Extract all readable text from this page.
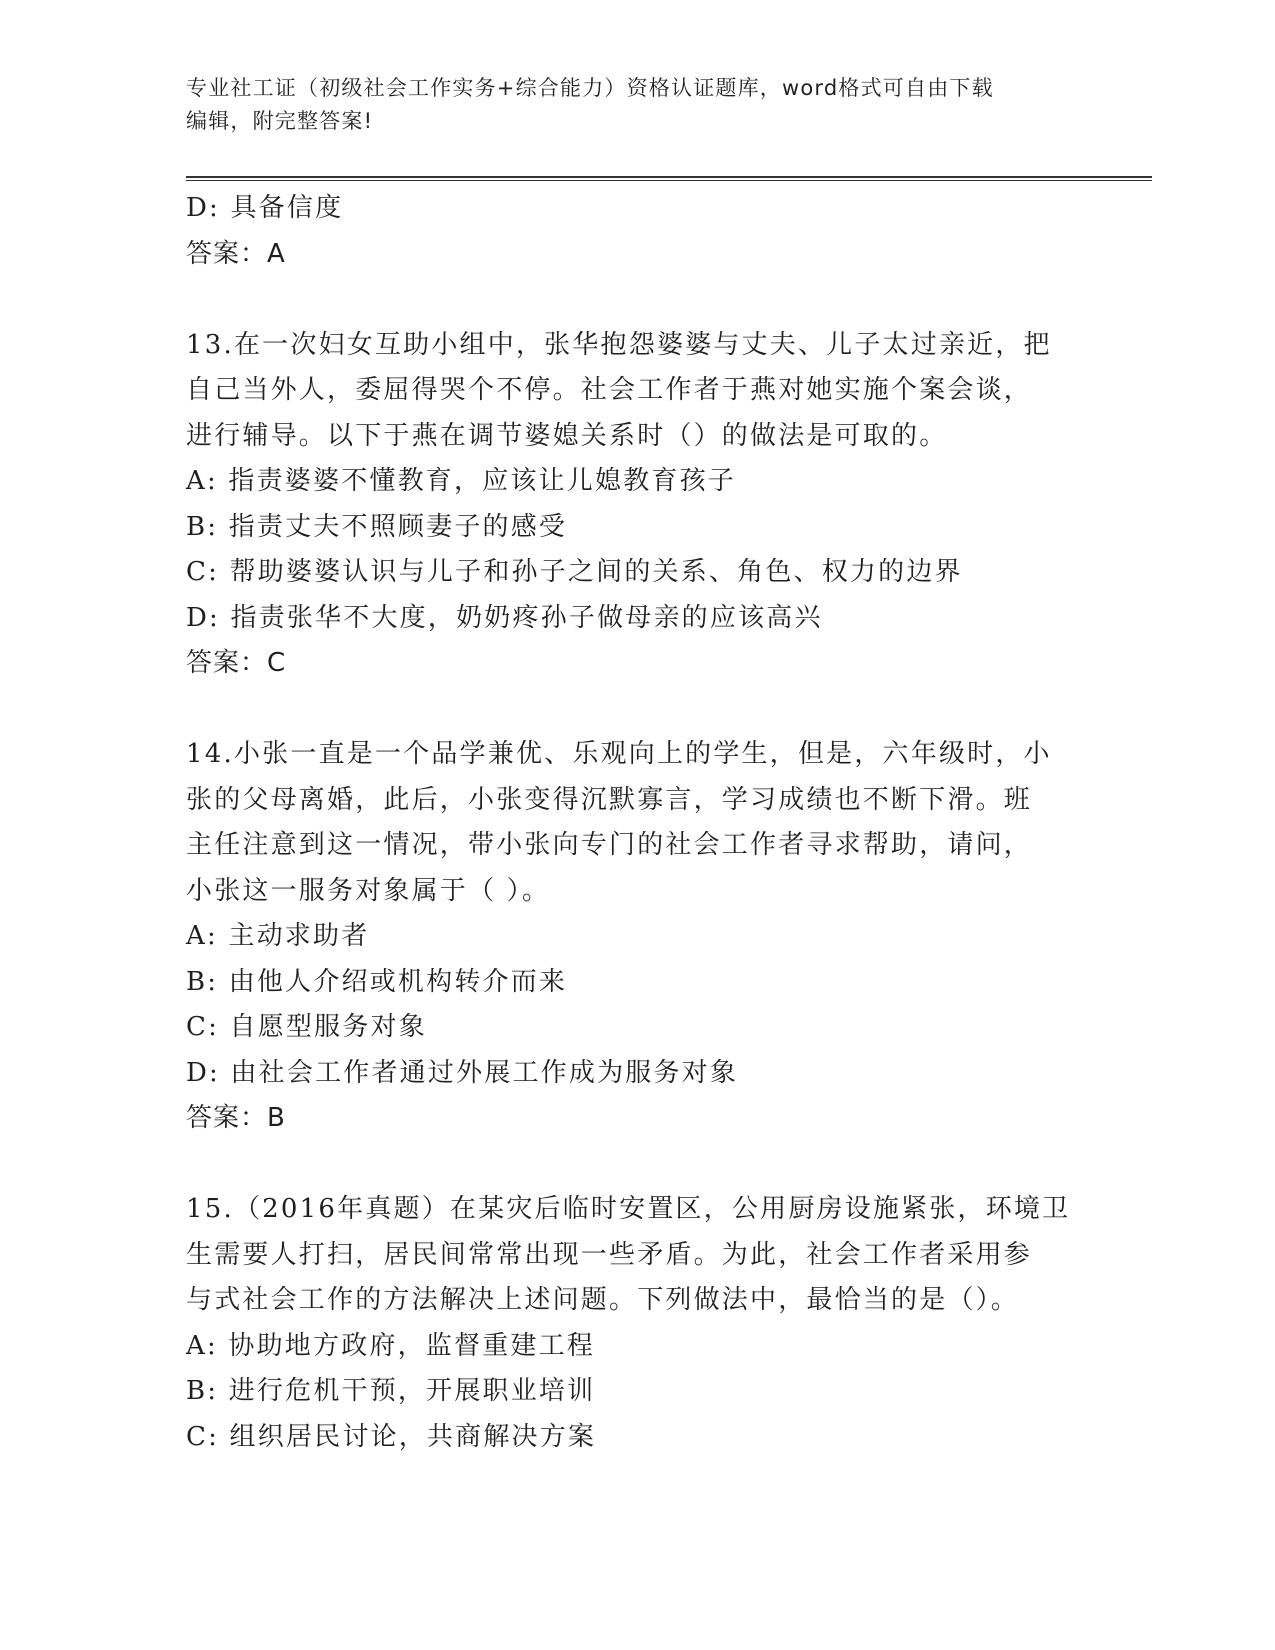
专业社工证（初级社会工作实务+综合能力）资格认证题库，word格式可自由下载
编辑，附完整答案!
D: 具备信度
答案：A
13.在一次妇女互助小组中，张华抱怨婆婆与丈夫、儿子太过亲近，把
自己当外人，委屈得哭个不停。社会工作者于燕对她实施个案会谈，
进行辅导。以下于燕在调节婆媳关系时（）的做法是可取的。
A: 指责婆婆不懂教育，应该让儿媳教育孩子
B: 指责丈夫不照顾妻子的感受
C: 帮助婆婆认识与儿子和孙子之间的关系、角色、权力的边界
D: 指责张华不大度，奶奶疼孙子做母亲的应该高兴
答案：C
14.小张一直是一个品学兼优、乐观向上的学生，但是，六年级时，小
张的父母离婚，此后，小张变得沉默寡言，学习成绩也不断下滑。班
主任注意到这一情况，带小张向专门的社会工作者寻求帮助，请问，
小张这一服务对象属于（ ）。
A: 主动求助者
B: 由他人介绍或机构转介而来
C: 自愿型服务对象
D: 由社会工作者通过外展工作成为服务对象
答案：B
15.（2016年真题）在某灾后临时安置区，公用厨房设施紧张，环境卫
生需要人打扫，居民间常常出现一些矛盾。为此，社会工作者采用参
与式社会工作的方法解决上述问题。下列做法中，最恰当的是（）。
A: 协助地方政府，监督重建工程
B: 进行危机干预，开展职业培训
C: 组织居民讨论，共商解决方案
